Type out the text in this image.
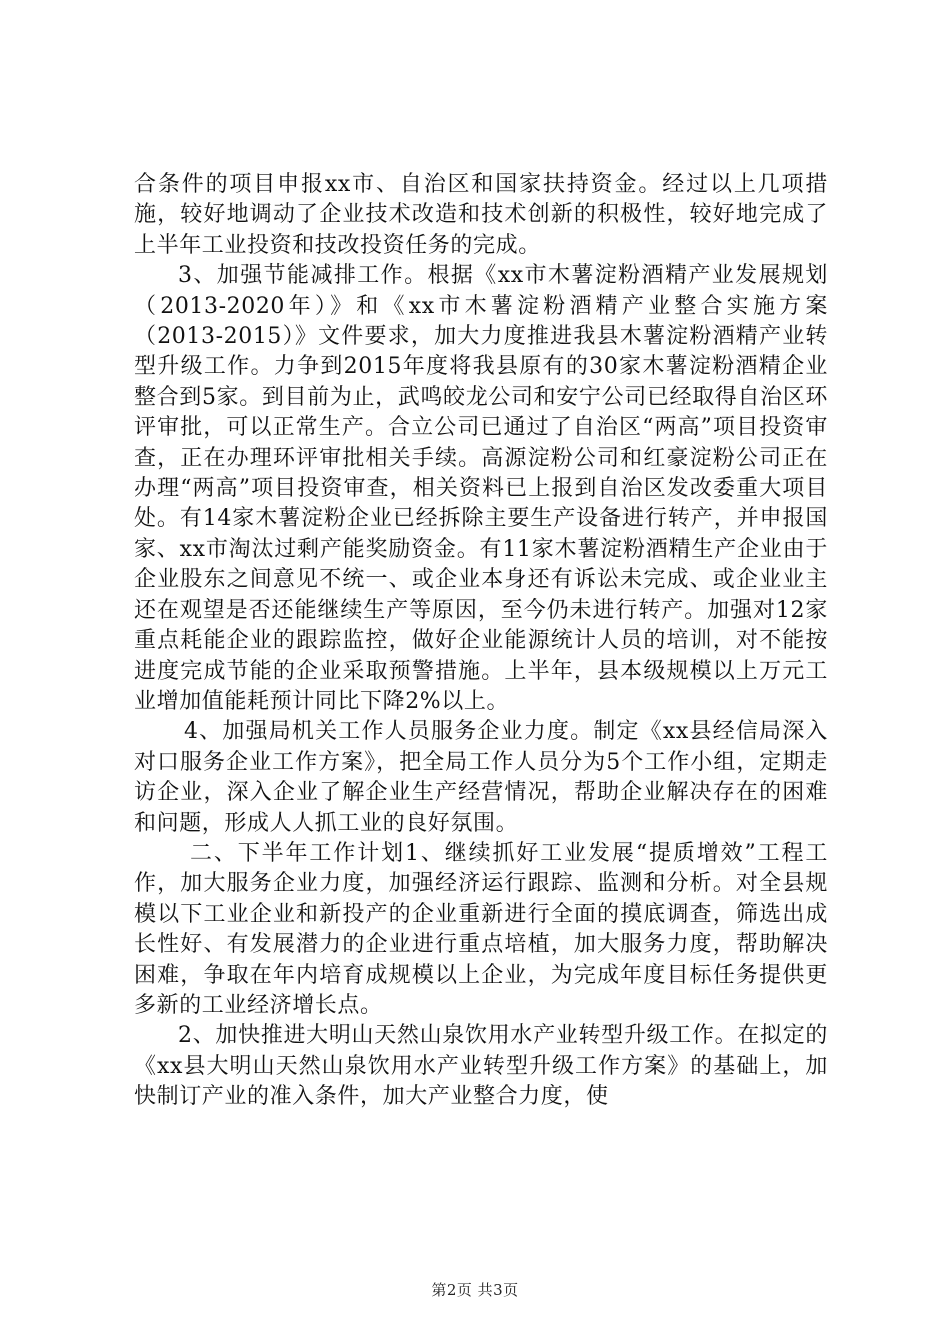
合条件的项目申报xx市、自治区和国家扶持资金。经过以上几项措施，较好地调动了企业技术改造和技术创新的积极性，较好地完成了上半年工业投资和技改投资任务的完成。

3、加强节能减排工作。根据《xx市木薯淀粉酒精产业发展规划（2013-2020年）》和《xx市木薯淀粉酒精产业整合实施方案（2013-2015）》文件要求，加大力度推进我县木薯淀粉酒精产业转型升级工作。力争到2015年度将我县原有的30家木薯淀粉酒精企业整合到5家。到目前为止，武鸣皎龙公司和安宁公司已经取得自治区环评审批，可以正常生产。合立公司已通过了自治区“两高”项目投资审查，正在办理环评审批相关手续。高源淀粉公司和红豪淀粉公司正在办理“两高”项目投资审查，相关资料已上报到自治区发改委重大项目处。有14家木薯淀粉企业已经拆除主要生产设备进行转产，并申报国家、xx市淘汰过剩产能奖励资金。有11家木薯淀粉酒精生产企业由于企业股东之间意见不统一、或企业本身还有诉讼未完成、或企业业主还在观望是否还能继续生产等原因，至今仍未进行转产。加强对12家重点耗能企业的跟踪监控，做好企业能源统计人员的培训，对不能按进度完成节能的企业采取预警措施。上半年，县本级规模以上万元工业增加值能耗预计同比下降2%以上。

4、加强局机关工作人员服务企业力度。制定《xx县经信局深入对口服务企业工作方案》，把全局工作人员分为5个工作小组，定期走访企业，深入企业了解企业生产经营情况，帮助企业解决存在的困难和问题，形成人人抓工业的良好氛围。

二、下半年工作计划1、继续抓好工业发展“提质增效”工程工作，加大服务企业力度，加强经济运行跟踪、监测和分析。对全县规模以下工业企业和新投产的企业重新进行全面的摸底调查，筛选出成长性好、有发展潜力的企业进行重点培植，加大服务力度，帮助解决困难，争取在年内培育成规模以上企业，为完成年度目标任务提供更多新的工业经济增长点。

2、加快推进大明山天然山泉饮用水产业转型升级工作。在拟定的《xx县大明山天然山泉饮用水产业转型升级工作方案》的基础上，加快制订产业的准入条件，加大产业整合力度，使

第2页 共3页
